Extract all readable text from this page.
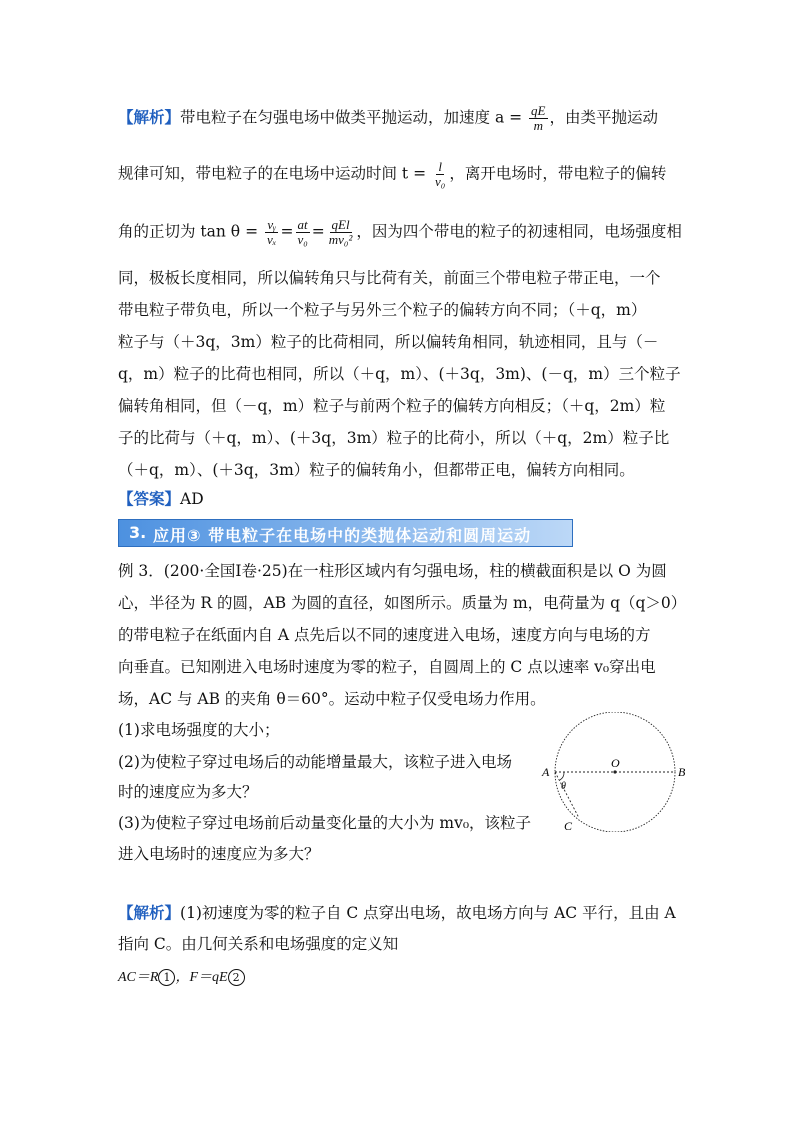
【解析】带电粒子在匀强电场中做类平抛运动，加速度 $a = \frac{qE}{m}$ ，由类平抛运动
规律可知，带电粒子的在电场中运动时间 $t = \frac{l}{\text{v₀}}$ ，离开电场时，带电粒子的偏转
角的正切为 $\tan \theta = \frac{\text{vᵧ}}{\text{vₓ}} = \frac{at}{\text{v₀}} = \frac{\text{qEl}}{\text{mv₀²}}$ ，因为四个带电的粒子的初速相同，电场强度相
同，极板长度相同，所以偏转角只与比荷有关，前面三个带电粒子带正电，一个
带电粒子带负电，所以一个粒子与另外三个粒子的偏转方向不同；（＋q，m）
粒子与（＋3q，3m）粒子的比荷相同，所以偏转角相同，轨迹相同，且与（－
q，m）粒子的比荷也相同，所以（＋q，m）、(＋3q，3m)、(－q，m）三个粒子
偏转角相同，但（－q，m）粒子与前两个粒子的偏转方向相反；（＋q，2m）粒
子的比荷与（＋q，m）、(＋3q，3m）粒子的比荷小，所以（＋q，2m）粒子比
（＋q，m）、(＋3q，3m）粒子的偏转角小，但都带正电，偏转方向相同。
【答案】AD
3. 应用③ 带电粒子在电场中的类抛体运动和圆周运动
例 3．(200·全国Ⅰ卷·25)在一柱形区域内有匀强电场，柱的横截面积是以 O 为圆
心，半径为 R 的圆，AB 为圆的直径，如图所示。质量为 m，电荷量为 q（q＞0）
的带电粒子在纸面内自 A 点先后以不同的速度进入电场，速度方向与电场的方
向垂直。已知刚进入电场时速度为零的粒子，自圆周上的 C 点以速率 v₀穿出电
场，AC 与 AB 的夹角 θ＝60°。运动中粒子仅受电场力作用。
(1)求电场强度的大小；
(2)为使粒子穿过电场后的动能增量最大，该粒子进入电场
时的速度应为多大？
(3)为使粒子穿过电场前后动量变化量的大小为 mv₀，该粒子
进入电场时的速度应为多大？
A	B
O
C
θ
【解析】(1)初速度为零的粒子自 C 点穿出电场，故电场方向与 AC 平行，且由 A
指向 C。由几何关系和电场强度的定义知
AC＝R 1 ，F＝qE 2
